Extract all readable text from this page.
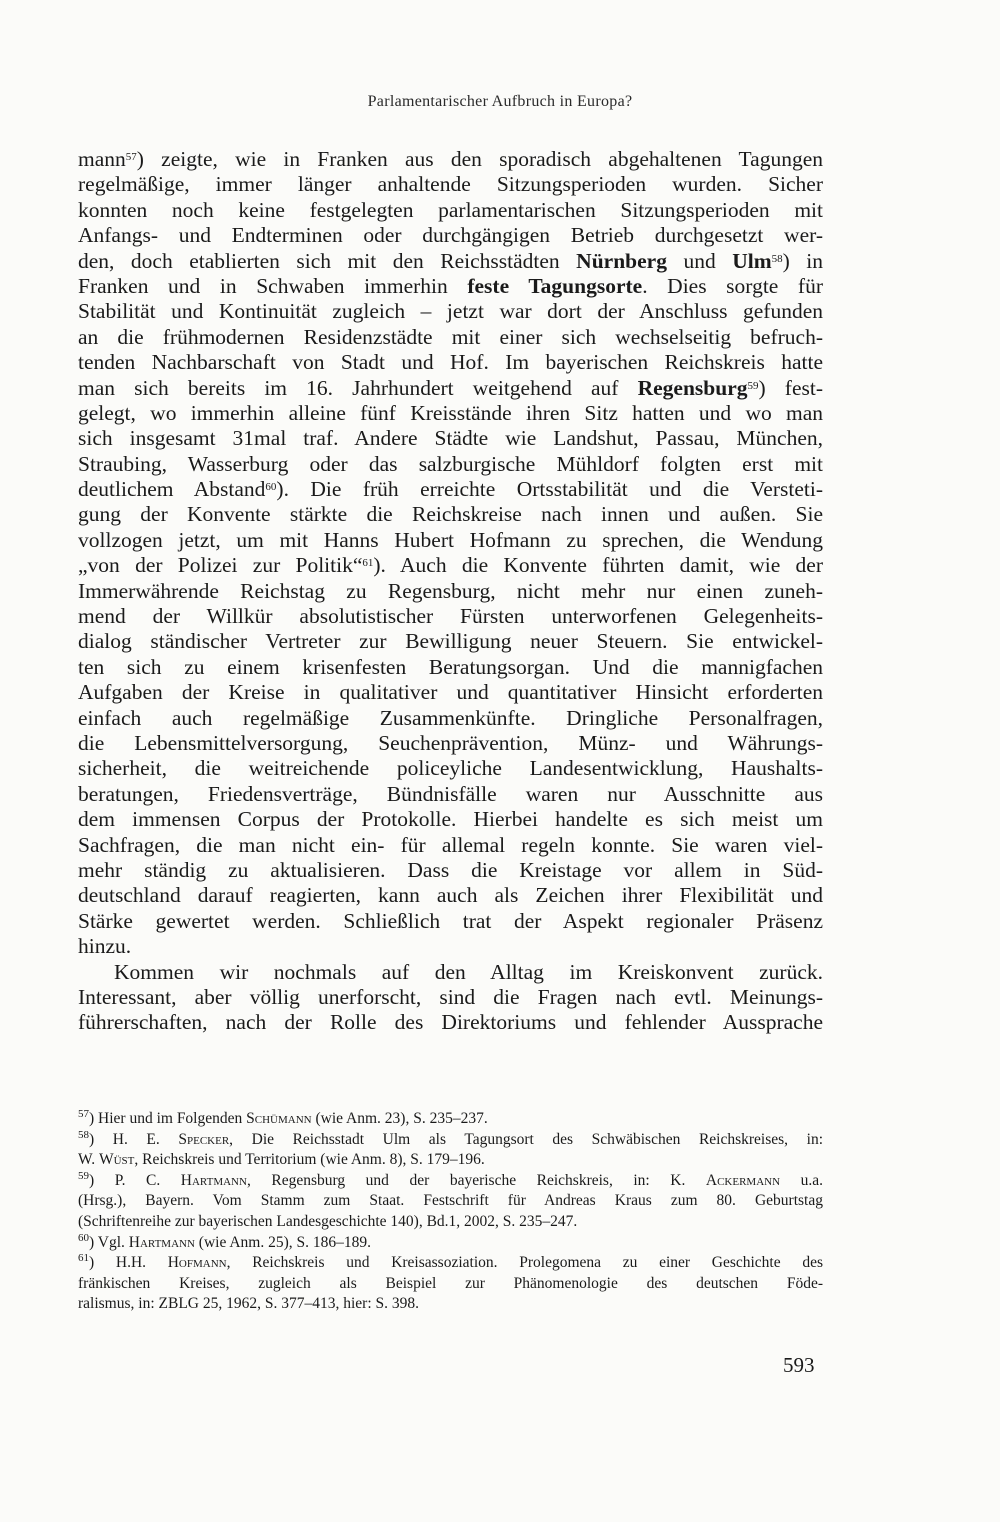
Parlamentarischer Aufbruch in Europa?
mann$^{57}$) zeigte, wie in Franken aus den sporadisch abgehaltenen Tagungen
regelmäßige, immer länger anhaltende Sitzungsperioden wurden. Sicher
konnten noch keine festgelegten parlamentarischen Sitzungsperioden mit
Anfangs- und Endterminen oder durchgängigen Betrieb durchgesetzt wer-
den, doch etablierten sich mit den Reichsstädten Nürnberg und Ulm$^{58}$) in
Franken und in Schwaben immerhin feste Tagungsorte. Dies sorgte für
Stabilität und Kontinuität zugleich – jetzt war dort der Anschluss gefunden
an die frühmodernen Residenzstädte mit einer sich wechselseitig befruch-
tenden Nachbarschaft von Stadt und Hof. Im bayerischen Reichskreis hatte
man sich bereits im 16. Jahrhundert weitgehend auf Regensburg$^{59}$) fest-
gelegt, wo immerhin alleine fünf Kreisstände ihren Sitz hatten und wo man
sich insgesamt 31mal traf. Andere Städte wie Landshut, Passau, München,
Straubing, Wasserburg oder das salzburgische Mühldorf folgten erst mit
deutlichem Abstand$^{60}$). Die früh erreichte Ortsstabilität und die Versteti-
gung der Konvente stärkte die Reichskreise nach innen und außen. Sie
vollzogen jetzt, um mit Hanns Hubert Hofmann zu sprechen, die Wendung
„von der Polizei zur Politik“$^{61}$). Auch die Konvente führten damit, wie der
Immerwährende Reichstag zu Regensburg, nicht mehr nur einen zuneh-
mend der Willkür absolutistischer Fürsten unterworfenen Gelegenheits-
dialog ständischer Vertreter zur Bewilligung neuer Steuern. Sie entwickel-
ten sich zu einem krisenfesten Beratungsorgan. Und die mannigfachen
Aufgaben der Kreise in qualitativer und quantitativer Hinsicht erforderten
einfach auch regelmäßige Zusammenkünfte. Dringliche Personalfragen,
die Lebensmittelversorgung, Seuchenprävention, Münz- und Währungs-
sicherheit, die weitreichende policeyliche Landesentwicklung, Haushalts-
beratungen, Friedensverträge, Bündnisfälle waren nur Ausschnitte aus
dem immensen Corpus der Protokolle. Hierbei handelte es sich meist um
Sachfragen, die man nicht ein- für allemal regeln konnte. Sie waren viel-
mehr ständig zu aktualisieren. Dass die Kreistage vor allem in Süd-
deutschland darauf reagierten, kann auch als Zeichen ihrer Flexibilität und
Stärke gewertet werden. Schließlich trat der Aspekt regionaler Präsenz
hinzu.
Kommen wir nochmals auf den Alltag im Kreiskonvent zurück.
Interessant, aber völlig unerforscht, sind die Fragen nach evtl. Meinungs-
führerschaften, nach der Rolle des Direktoriums und fehlender Aussprache
$^{57}$) Hier und im Folgenden Schümann (wie Anm. 23), S. 235–237.
$^{58}$) H. E. Specker, Die Reichsstadt Ulm als Tagungsort des Schwäbischen Reichskreises, in:
W. Wüst, Reichskreis und Territorium (wie Anm. 8), S. 179–196.
$^{59}$) P. C. Hartmann, Regensburg und der bayerische Reichskreis, in: K. Ackermann u.a.
(Hrsg.), Bayern. Vom Stamm zum Staat. Festschrift für Andreas Kraus zum 80. Geburtstag
(Schriftenreihe zur bayerischen Landesgeschichte 140), Bd.1, 2002, S. 235–247.
$^{60}$) Vgl. Hartmann (wie Anm. 25), S. 186–189.
$^{61}$) H.H. Hofmann, Reichskreis und Kreisassoziation. Prolegomena zu einer Geschichte des
fränkischen Kreises, zugleich als Beispiel zur Phänomenologie des deutschen Föde-
ralismus, in: ZBLG 25, 1962, S. 377–413, hier: S. 398.
593
